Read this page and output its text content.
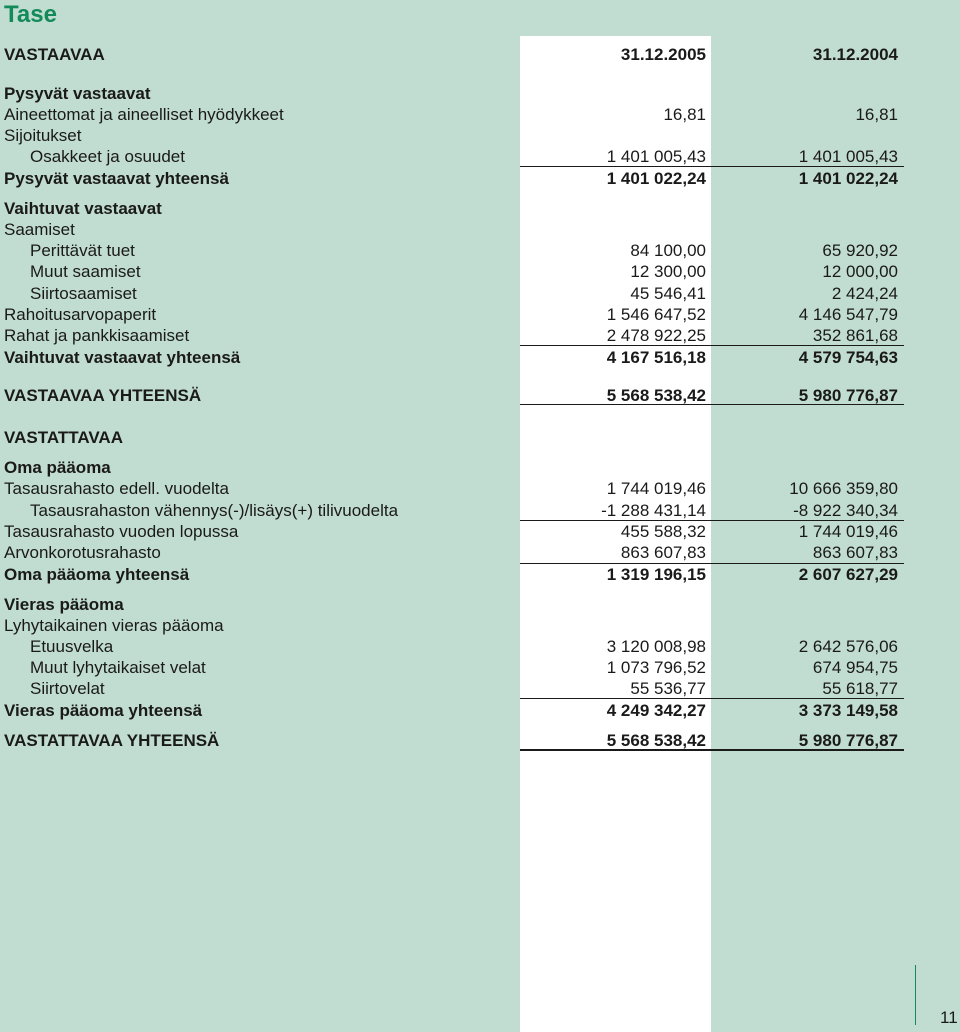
Tase
VASTAAVAA	31.12.2005	31.12.2004
Pysyvät vastaavat
Aineettomat ja aineelliset hyödykkeet	16,81	16,81
Sijoitukset
Osakkeet ja osuudet	1 401 005,43	1 401 005,43
Pysyvät vastaavat yhteensä	1 401 022,24	1 401 022,24
Vaihtuvat vastaavat
Saamiset
Perittävät tuet	84 100,00	65 920,92
Muut saamiset	12 300,00	12 000,00
Siirtosaamiset	45 546,41	2 424,24
Rahoitusarvopaperit	1 546 647,52	4 146 547,79
Rahat ja pankkisaamiset	2 478 922,25	352 861,68
Vaihtuvat vastaavat yhteensä	4 167 516,18	4 579 754,63
VASTAAVAA YHTEENSÄ	5 568 538,42	5 980 776,87
VASTATTAVAA
Oma pääoma
Tasausrahasto edell. vuodelta	1 744 019,46	10 666 359,80
Tasausrahaston vähennys(-)/lisäys(+) tilivuodelta	-1 288 431,14	-8 922 340,34
Tasausrahasto vuoden lopussa	455 588,32	1 744 019,46
Arvonkorotusrahasto	863 607,83	863 607,83
Oma pääoma yhteensä	1 319 196,15	2 607 627,29
Vieras pääoma
Lyhytaikainen vieras pääoma
Etuusvelka	3 120 008,98	2 642 576,06
Muut lyhytaikaiset velat	1 073 796,52	674 954,75
Siirtovelat	55 536,77	55 618,77
Vieras pääoma yhteensä	4 249 342,27	3 373 149,58
VASTATTAVAA YHTEENSÄ	5 568 538,42	5 980 776,87
11
